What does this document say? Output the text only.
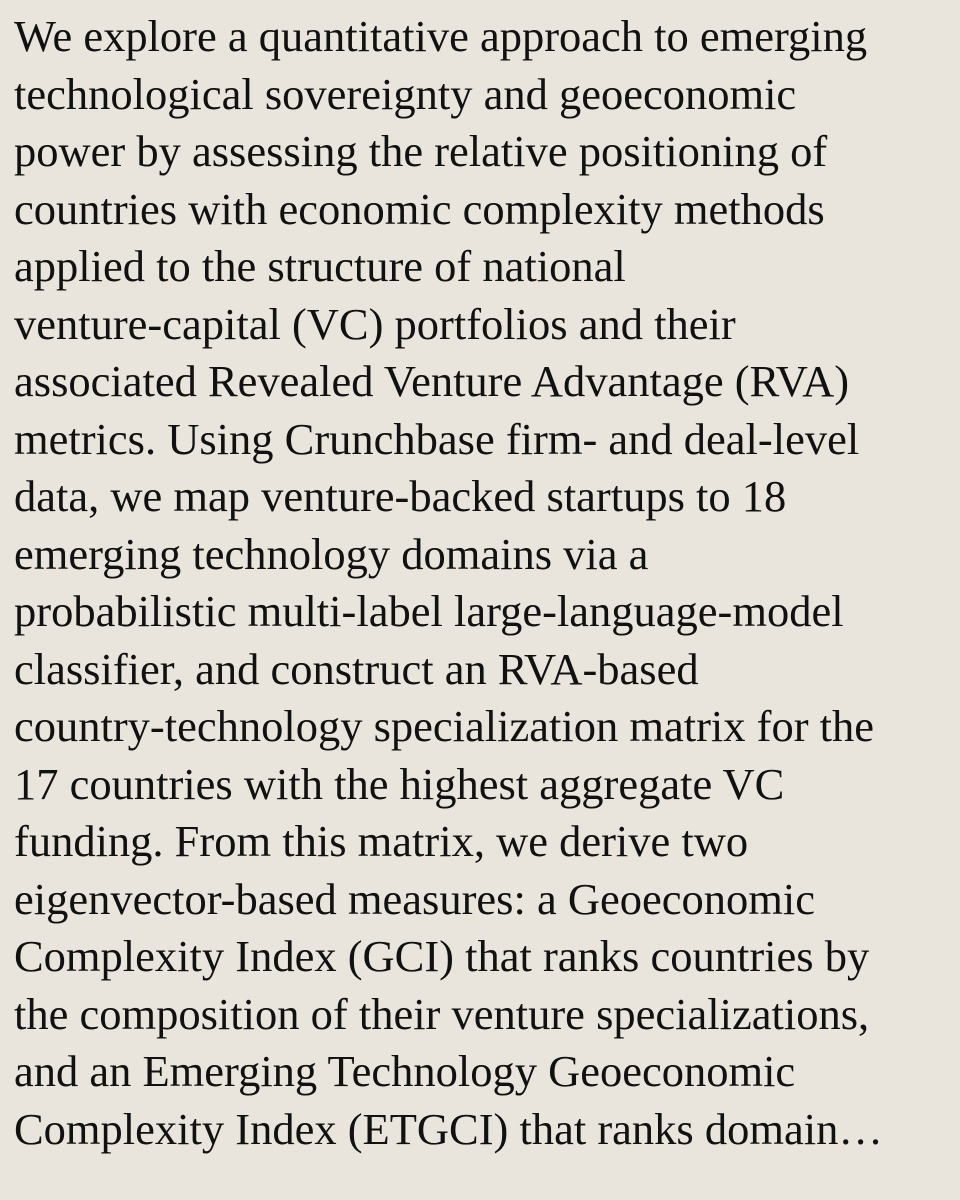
We explore a quantitative approach to emerging
technological sovereignty and geoeconomic
power by assessing the relative positioning of
countries with economic complexity methods
applied to the structure of national
venture-capital (VC) portfolios and their
associated Revealed Venture Advantage (RVA)
metrics. Using Crunchbase firm- and deal-level
data, we map venture-backed startups to 18
emerging technology domains via a
probabilistic multi-label large-language-model
classifier, and construct an RVA-based
country-technology specialization matrix for the
17 countries with the highest aggregate VC
funding. From this matrix, we derive two
eigenvector-based measures: a Geoeconomic
Complexity Index (GCI) that ranks countries by
the composition of their venture specializations,
and an Emerging Technology Geoeconomic
Complexity Index (ETGCI) that ranks domain…
